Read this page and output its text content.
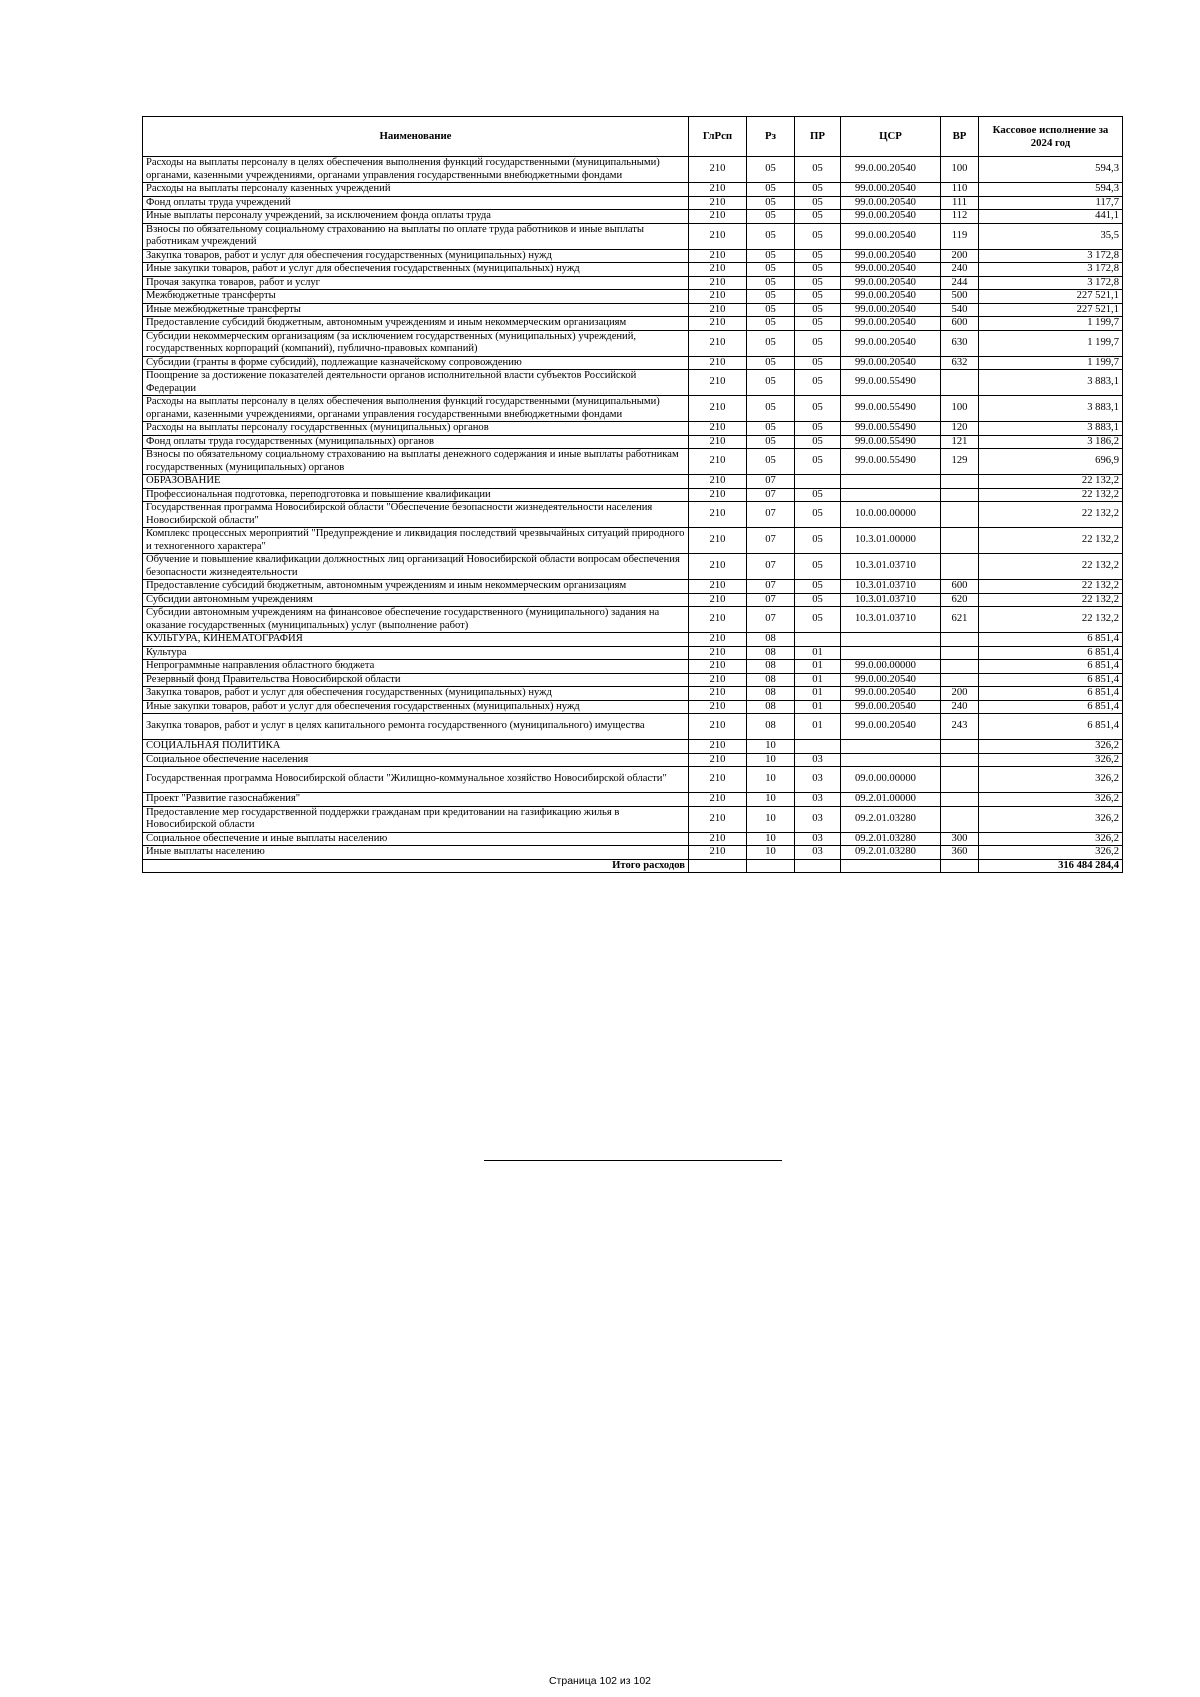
Наименование	ГлРсп	Рз	ПР	ЦСР	ВР	Кассовое исполнение за 2024 год
Расходы на выплаты персоналу в целях обеспечения выполнения функций государственными (муниципальными) органами, казенными учреждениями, органами управления государственными внебюджетными фондами	210	05	05	99.0.00.20540	100	594,3
Расходы на выплаты персоналу казенных учреждений	210	05	05	99.0.00.20540	110	594,3
Фонд оплаты труда учреждений	210	05	05	99.0.00.20540	111	117,7
Иные выплаты персоналу учреждений, за исключением фонда оплаты труда	210	05	05	99.0.00.20540	112	441,1
Взносы по обязательному социальному страхованию на выплаты по оплате труда работников и иные выплаты работникам учреждений	210	05	05	99.0.00.20540	119	35,5
Закупка товаров, работ и услуг для обеспечения государственных (муниципальных) нужд	210	05	05	99.0.00.20540	200	3 172,8
Иные закупки товаров, работ и услуг для обеспечения государственных (муниципальных) нужд	210	05	05	99.0.00.20540	240	3 172,8
Прочая закупка товаров, работ и услуг	210	05	05	99.0.00.20540	244	3 172,8
Межбюджетные трансферты	210	05	05	99.0.00.20540	500	227 521,1
Иные межбюджетные трансферты	210	05	05	99.0.00.20540	540	227 521,1
Предоставление субсидий бюджетным, автономным учреждениям и иным некоммерческим организациям	210	05	05	99.0.00.20540	600	1 199,7
Субсидии некоммерческим организациям (за исключением государственных (муниципальных) учреждений, государственных корпораций (компаний), публично-правовых компаний)	210	05	05	99.0.00.20540	630	1 199,7
Субсидии (гранты в форме субсидий), подлежащие казначейскому сопровождению	210	05	05	99.0.00.20540	632	1 199,7
Поощрение за достижение показателей деятельности органов исполнительной власти субъектов Российской Федерации	210	05	05	99.0.00.55490		3 883,1
Расходы на выплаты персоналу в целях обеспечения выполнения функций государственными (муниципальными) органами, казенными учреждениями, органами управления государственными внебюджетными фондами	210	05	05	99.0.00.55490	100	3 883,1
Расходы на выплаты персоналу государственных (муниципальных) органов	210	05	05	99.0.00.55490	120	3 883,1
Фонд оплаты труда государственных (муниципальных) органов	210	05	05	99.0.00.55490	121	3 186,2
Взносы по обязательному социальному страхованию на выплаты денежного содержания и иные выплаты работникам государственных (муниципальных) органов	210	05	05	99.0.00.55490	129	696,9
ОБРАЗОВАНИЕ	210	07				22 132,2
Профессиональная подготовка, переподготовка и повышение квалификации	210	07	05			22 132,2
Государственная программа Новосибирской области "Обеспечение безопасности жизнедеятельности населения Новосибирской области"	210	07	05	10.0.00.00000		22 132,2
Комплекс процессных мероприятий "Предупреждение и ликвидация последствий чрезвычайных ситуаций природного и техногенного характера"	210	07	05	10.3.01.00000		22 132,2
Обучение и повышение квалификации должностных лиц организаций Новосибирской области вопросам обеспечения безопасности жизнедеятельности	210	07	05	10.3.01.03710		22 132,2
Предоставление субсидий бюджетным, автономным учреждениям и иным некоммерческим организациям	210	07	05	10.3.01.03710	600	22 132,2
Субсидии автономным учреждениям	210	07	05	10.3.01.03710	620	22 132,2
Субсидии автономным учреждениям на финансовое обеспечение государственного (муниципального) задания на оказание государственных (муниципальных) услуг (выполнение работ)	210	07	05	10.3.01.03710	621	22 132,2
КУЛЬТУРА, КИНЕМАТОГРАФИЯ	210	08				6 851,4
Культура	210	08	01			6 851,4
Непрограммные направления областного бюджета	210	08	01	99.0.00.00000		6 851,4
Резервный фонд Правительства Новосибирской области	210	08	01	99.0.00.20540		6 851,4
Закупка товаров, работ и услуг для обеспечения государственных (муниципальных) нужд	210	08	01	99.0.00.20540	200	6 851,4
Иные закупки товаров, работ и услуг для обеспечения государственных (муниципальных) нужд	210	08	01	99.0.00.20540	240	6 851,4
Закупка товаров, работ и услуг в целях капитального ремонта государственного (муниципального) имущества	210	08	01	99.0.00.20540	243	6 851,4
СОЦИАЛЬНАЯ ПОЛИТИКА	210	10				326,2
Социальное обеспечение населения	210	10	03			326,2
Государственная программа Новосибирской области "Жилищно-коммунальное хозяйство Новосибирской области"	210	10	03	09.0.00.00000		326,2
Проект "Развитие газоснабжения"	210	10	03	09.2.01.00000		326,2
Предоставление мер государственной поддержки гражданам при кредитовании на газификацию жилья в Новосибирской области	210	10	03	09.2.01.03280		326,2
Социальное обеспечение и иные выплаты населению	210	10	03	09.2.01.03280	300	326,2
Иные выплаты населению	210	10	03	09.2.01.03280	360	326,2
Итого расходов						316 484 284,4
Страница 102 из 102
